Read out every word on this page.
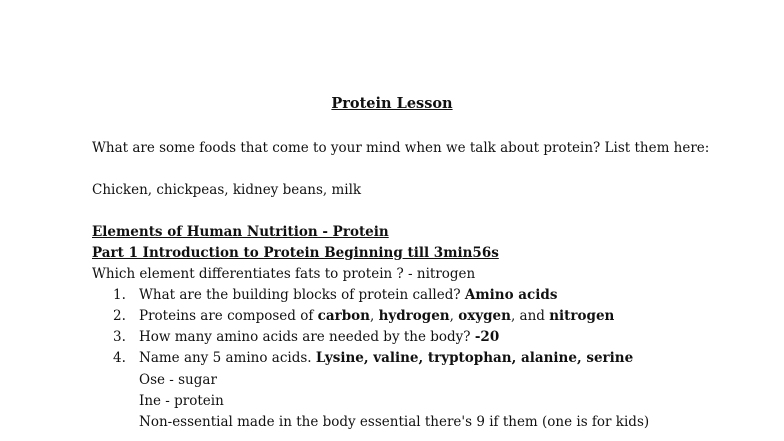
Protein Lesson
What are some foods that come to your mind when we talk about protein? List them here:
Chicken, chickpeas, kidney beans, milk
Elements of Human Nutrition - Protein
Part 1 Introduction to Protein Beginning till 3min56s
Which element differentiates fats to protein ? - nitrogen
1. What are the building blocks of protein called? Amino acids
2. Proteins are composed of carbon, hydrogen, oxygen, and nitrogen
3. How many amino acids are needed by the body? -20
4. Name any 5 amino acids. Lysine, valine, tryptophan, alanine, serine
Ose - sugar
Ine - protein
Non-essential made in the body essential there's 9 if them (one is for kids)
